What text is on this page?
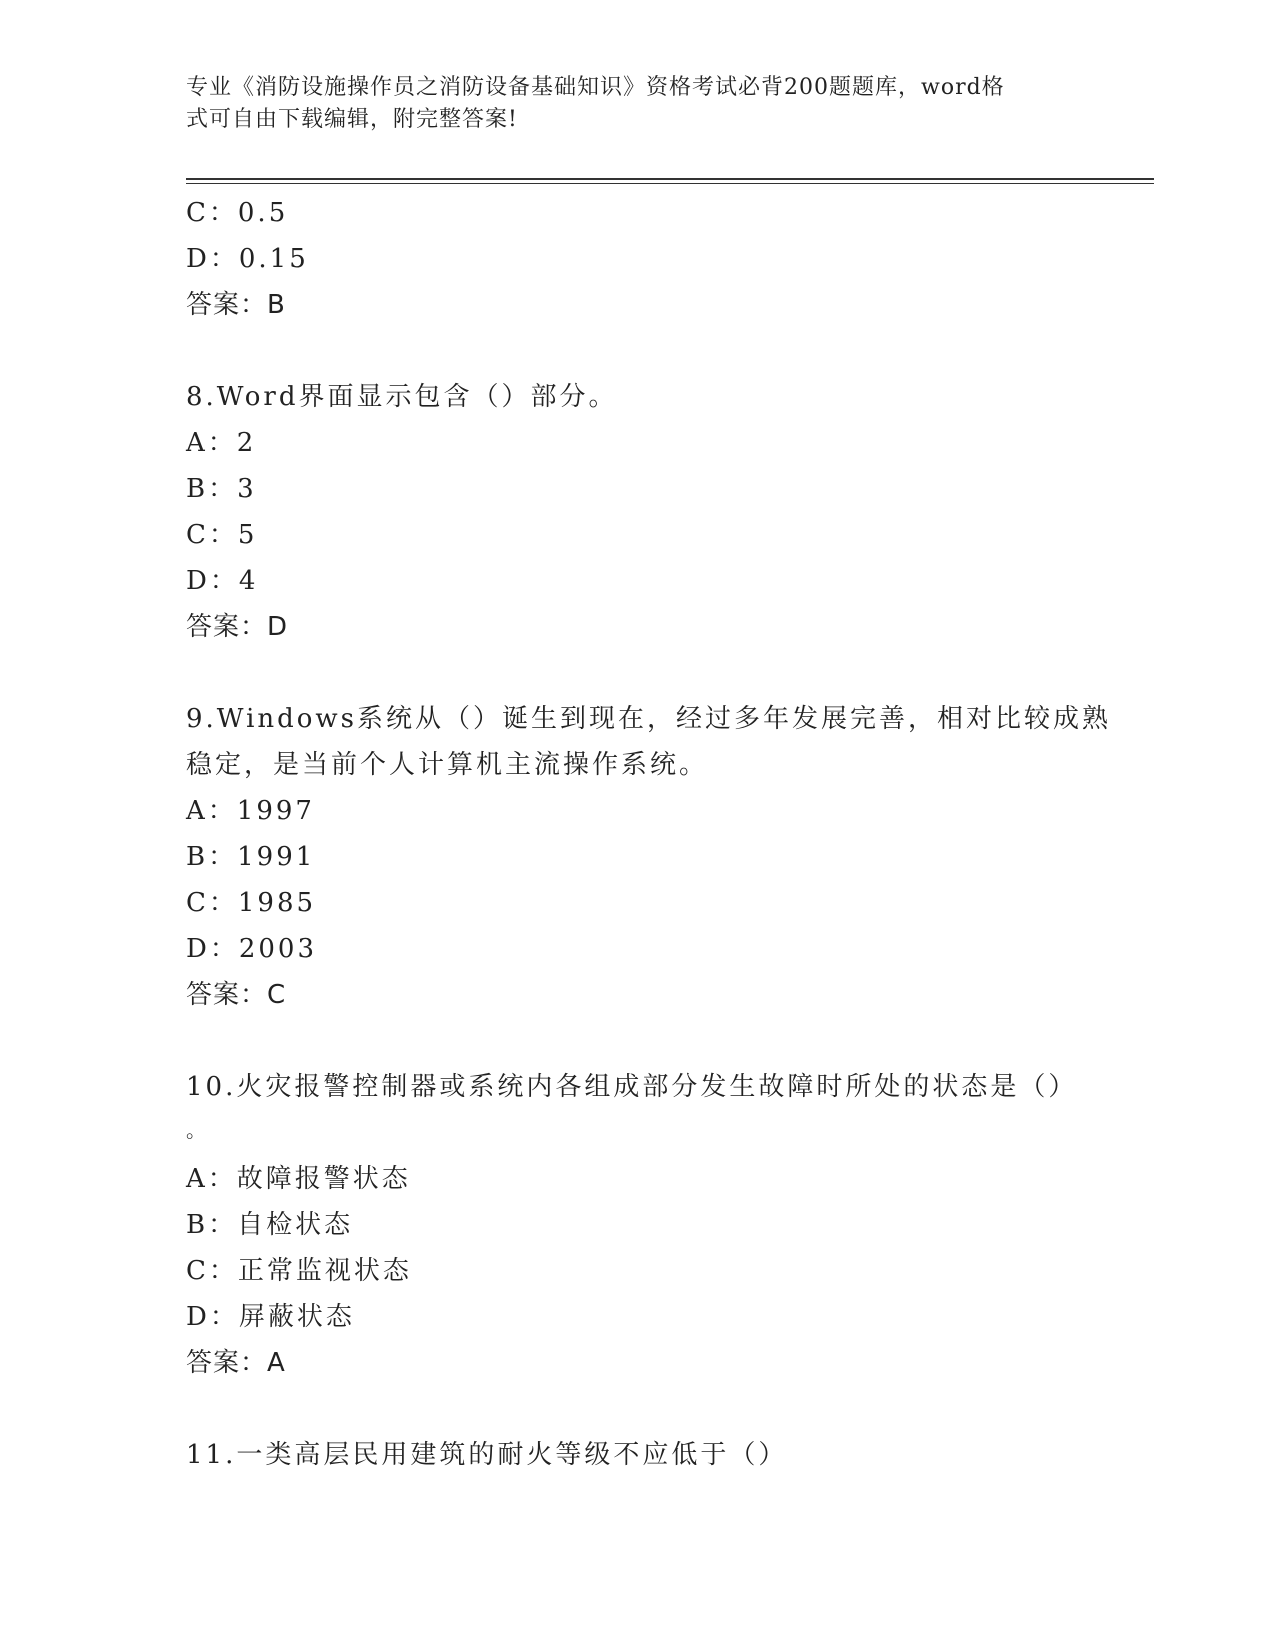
专业《消防设施操作员之消防设备基础知识》资格考试必背200题题库，word格
式可自由下载编辑，附完整答案!
C：0.5
D：0.15
答案：B
8.Word界面显示包含（）部分。
A：2
B：3
C：5
D：4
答案：D
9.Windows系统从（）诞生到现在，经过多年发展完善，相对比较成熟
稳定，是当前个人计算机主流操作系统。
A：1997
B：1991
C：1985
D：2003
答案：C
10.火灾报警控制器或系统内各组成部分发生故障时所处的状态是（）
。
A：故障报警状态
B：自检状态
C：正常监视状态
D：屏蔽状态
答案：A
11.一类高层民用建筑的耐火等级不应低于（）
